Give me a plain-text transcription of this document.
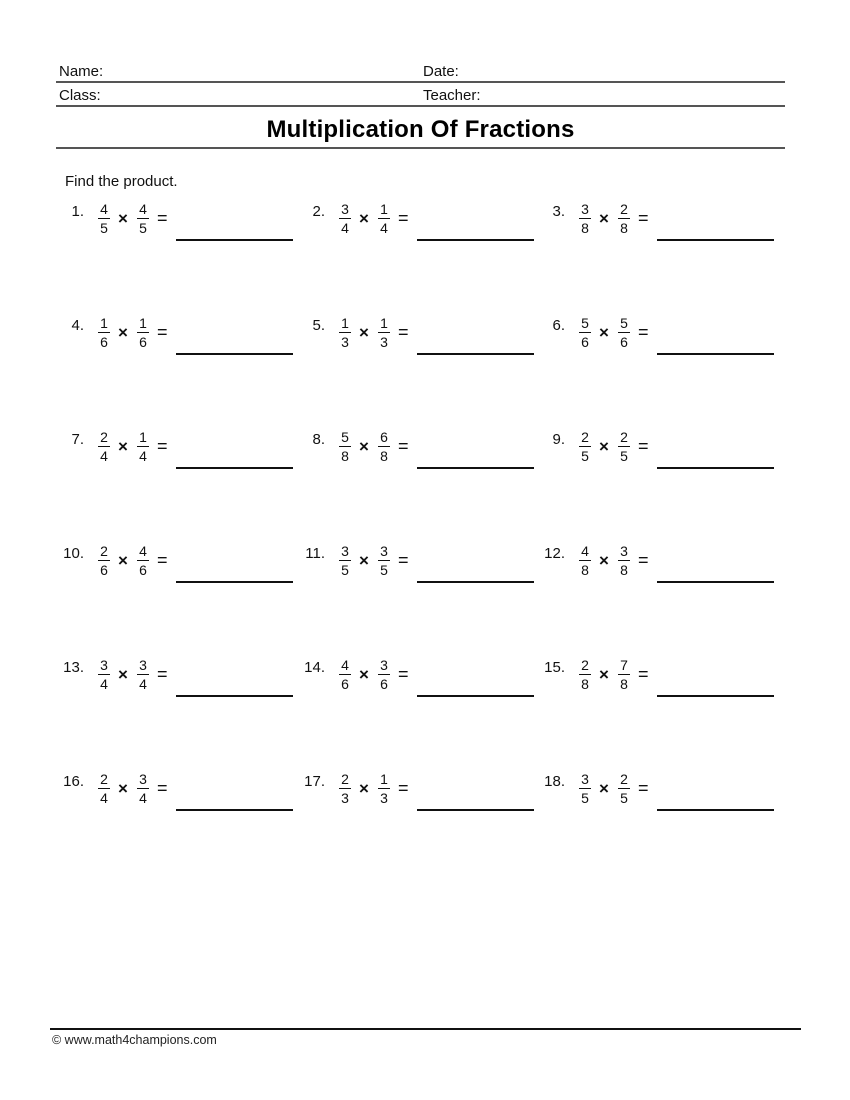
Name:	Date:
Class:	Teacher:
Multiplication Of Fractions
Find the product.
1. 4
5 × 4
5 =	2. 3
4 × 1
4 =	3. 3
8 × 2
8 =
4. 1
6 × 1
6 =	5. 1
3 × 1
3 =	6. 5
6 × 5
6 =
7. 2
4 × 1
4 =	8. 5
8 × 6
8 =	9. 2
5 × 2
5 =
10. 2
6 × 4
6 =	11. 3
5 × 3
5 =	12. 4
8 × 3
8 =
13. 3
4 × 3
4 =	14. 4
6 × 3
6 =	15. 2
8 × 7
8 =
16. 2
4 × 3
4 =	17. 2
3 × 1
3 =	18. 3
5 × 2
5 =
© www.math4champions.com
